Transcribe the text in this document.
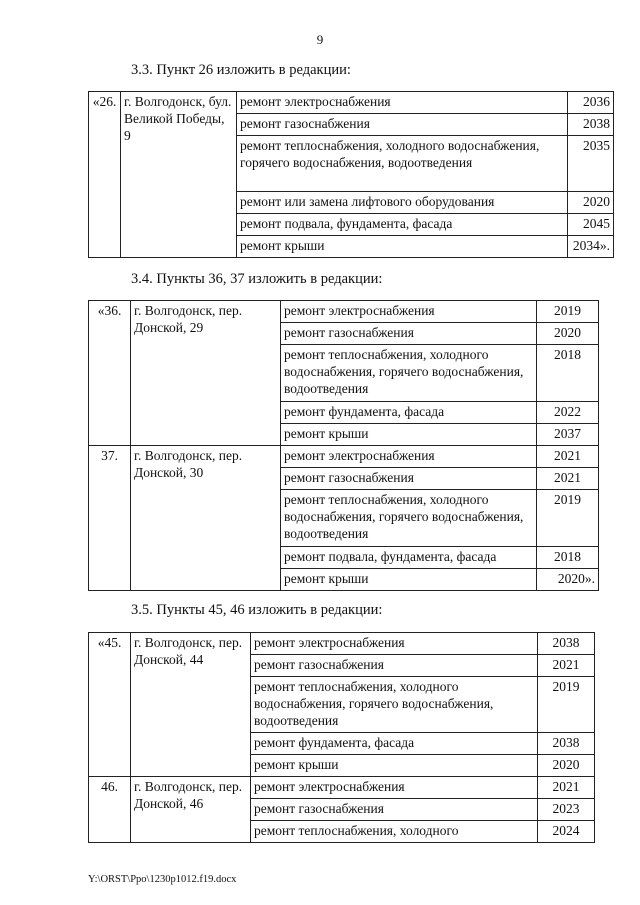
9
3.3. Пункт 26 изложить в редакции:
«26.	г. Волгодонск, бул. Великой Победы, 9	ремонт электроснабжения	2036
		ремонт газоснабжения	2038
		ремонт теплоснабжения, холодного водоснабжения, горячего водоснабжения, водоотведения	2035
		ремонт или замена лифтового оборудования	2020
		ремонт подвала, фундамента, фасада	2045
		ремонт крыши	2034».
3.4. Пункты 36, 37 изложить в редакции:
«36.	г. Волгодонск, пер. Донской, 29	ремонт электроснабжения	2019
		ремонт газоснабжения	2020
		ремонт теплоснабжения, холодного водоснабжения, горячего водоснабжения, водоотведения	2018
		ремонт фундамента, фасада	2022
		ремонт крыши	2037
37.	г. Волгодонск, пер. Донской, 30	ремонт электроснабжения	2021
		ремонт газоснабжения	2021
		ремонт теплоснабжения, холодного водоснабжения, горячего водоснабжения, водоотведения	2019
		ремонт подвала, фундамента, фасада	2018
		ремонт крыши	2020».
3.5. Пункты 45, 46 изложить в редакции:
«45.	г. Волгодонск, пер. Донской, 44	ремонт электроснабжения	2038
		ремонт газоснабжения	2021
		ремонт теплоснабжения, холодного водоснабжения, горячего водоснабжения, водоотведения	2019
		ремонт фундамента, фасада	2038
		ремонт крыши	2020
46.	г. Волгодонск, пер. Донской, 46	ремонт электроснабжения	2021
		ремонт газоснабжения	2023
		ремонт теплоснабжения, холодного	2024
Y:\ORST\Ppo\1230p1012.f19.docx
